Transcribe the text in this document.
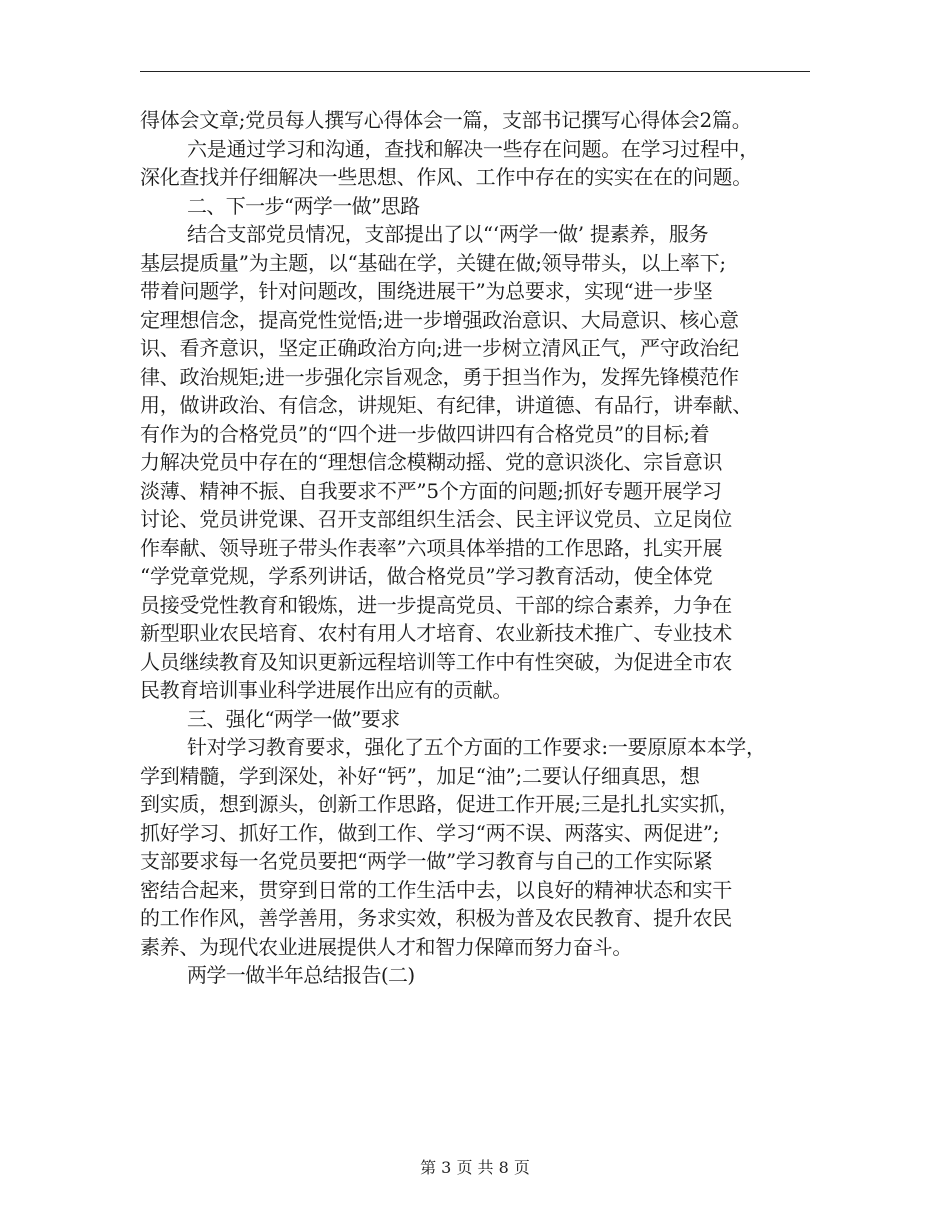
得体会文章;党员每人撰写心得体会一篇，支部书记撰写心得体会2篇。
六是通过学习和沟通，查找和解决一些存在问题。在学习过程中，
深化查找并仔细解决一些思想、作风、工作中存在的实实在在的问题。
二、下一步“两学一做”思路
结合支部党员情况，支部提出了以“‘两学一做’ 提素养，服务
基层提质量”为主题，以“基础在学，关键在做;领导带头，以上率下;
带着问题学，针对问题改，围绕进展干”为总要求，实现“进一步坚
定理想信念，提高党性觉悟;进一步增强政治意识、大局意识、核心意
识、看齐意识，坚定正确政治方向;进一步树立清风正气，严守政治纪
律、政治规矩;进一步强化宗旨观念，勇于担当作为，发挥先锋模范作
用，做讲政治、有信念，讲规矩、有纪律，讲道德、有品行，讲奉献、
有作为的合格党员”的“四个进一步做四讲四有合格党员”的目标;着
力解决党员中存在的“理想信念模糊动摇、党的意识淡化、宗旨意识
淡薄、精神不振、自我要求不严”5个方面的问题;抓好专题开展学习
讨论、党员讲党课、召开支部组织生活会、民主评议党员、立足岗位
作奉献、领导班子带头作表率”六项具体举措的工作思路，扎实开展
“学党章党规，学系列讲话，做合格党员”学习教育活动，使全体党
员接受党性教育和锻炼，进一步提高党员、干部的综合素养，力争在
新型职业农民培育、农村有用人才培育、农业新技术推广、专业技术
人员继续教育及知识更新远程培训等工作中有性突破，为促进全市农
民教育培训事业科学进展作出应有的贡献。
三、强化“两学一做”要求
针对学习教育要求，强化了五个方面的工作要求:一要原原本本学，
学到精髓，学到深处，补好“钙”，加足“油”;二要认仔细真思，想
到实质，想到源头，创新工作思路，促进工作开展;三是扎扎实实抓，
抓好学习、抓好工作，做到工作、学习“两不误、两落实、两促进”;
支部要求每一名党员要把“两学一做”学习教育与自己的工作实际紧
密结合起来，贯穿到日常的工作生活中去，以良好的精神状态和实干
的工作作风，善学善用，务求实效，积极为普及农民教育、提升农民
素养、为现代农业进展提供人才和智力保障而努力奋斗。
两学一做半年总结报告(二)
第 3 页 共 8 页
